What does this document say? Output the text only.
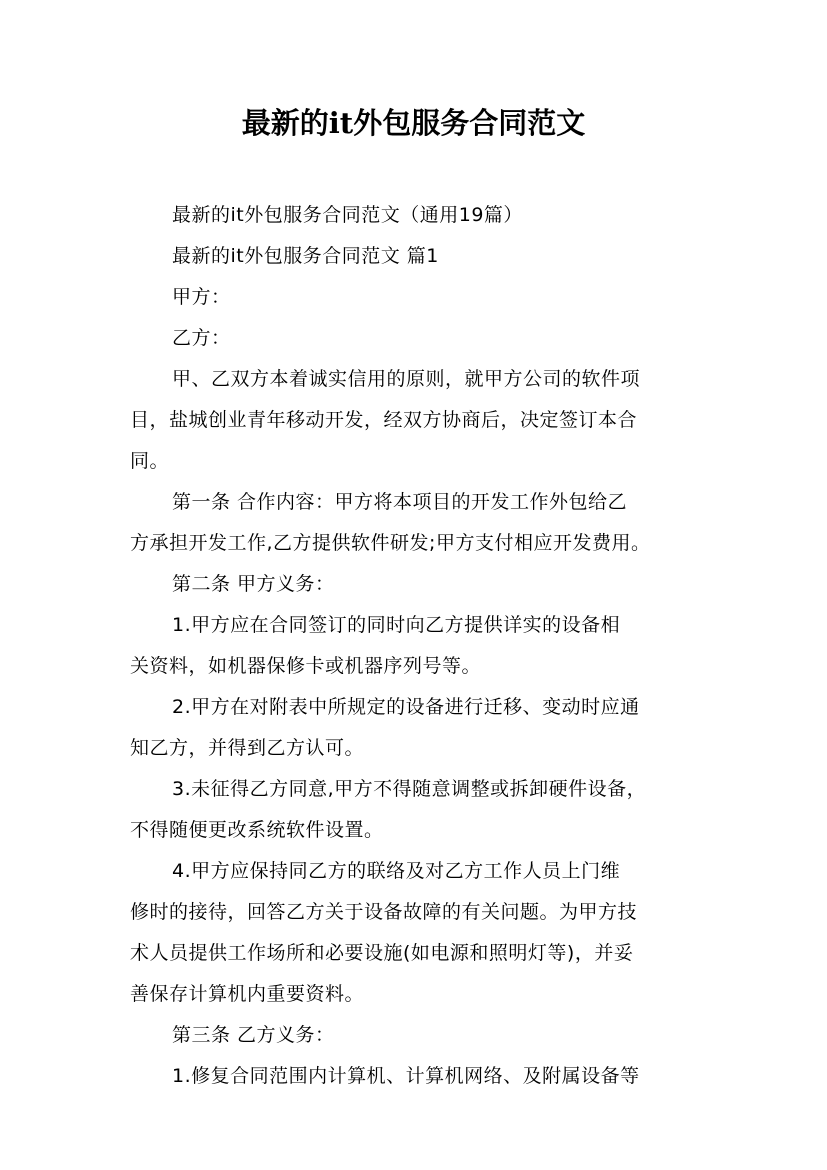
最新的it外包服务合同范文
最新的it外包服务合同范文（通用19篇）
最新的it外包服务合同范文 篇1
甲方：
乙方：
甲、乙双方本着诚实信用的原则，就甲方公司的软件项
目，盐城创业青年移动开发，经双方协商后，决定签订本合
同。
第一条 合作内容：甲方将本项目的开发工作外包给乙
方承担开发工作,乙方提供软件研发;甲方支付相应开发费用。
第二条 甲方义务：
1.甲方应在合同签订的同时向乙方提供详实的设备相
关资料，如机器保修卡或机器序列号等。
2.甲方在对附表中所规定的设备进行迁移、变动时应通
知乙方，并得到乙方认可。
3.未征得乙方同意,甲方不得随意调整或拆卸硬件设备，
不得随便更改系统软件设置。
4.甲方应保持同乙方的联络及对乙方工作人员上门维
修时的接待，回答乙方关于设备故障的有关问题。为甲方技
术人员提供工作场所和必要设施(如电源和照明灯等)，并妥
善保存计算机内重要资料。
第三条 乙方义务：
1.修复合同范围内计算机、计算机网络、及附属设备等
